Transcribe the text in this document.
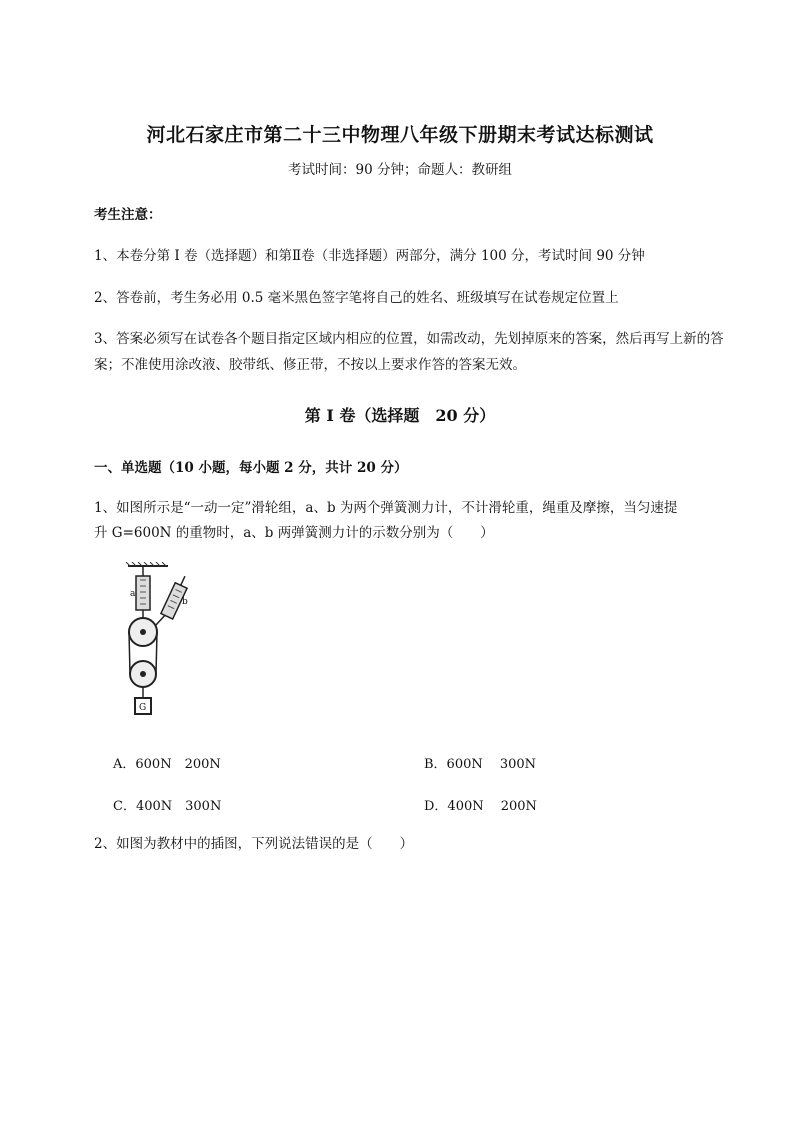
河北石家庄市第二十三中物理八年级下册期末考试达标测试
考试时间：90 分钟；命题人：教研组
考生注意：
1、本卷分第 I 卷（选择题）和第Ⅱ卷（非选择题）两部分，满分 100 分，考试时间 90 分钟
2、答卷前，考生务必用 0.5 毫米黑色签字笔将自己的姓名、班级填写在试卷规定位置上
3、答案必须写在试卷各个题目指定区域内相应的位置，如需改动，先划掉原来的答案，然后再写上新的答案；不准使用涂改液、胶带纸、修正带，不按以上要求作答的答案无效。
第 I 卷（选择题　20 分）
一、单选题（10 小题，每小题 2 分，共计 20 分）
1、如图所示是“一动一定”滑轮组，a、b 为两个弹簧测力计，不计滑轮重，绳重及摩擦，当匀速提
升 G=600N 的重物时，a、b 两弹簧测力计的示数分别为（　　）
a
b
G
A．600N　200N	B．600N　 300N
C．400N　300N	D．400N　 200N
2、如图为教材中的插图，下列说法错误的是（　　）
